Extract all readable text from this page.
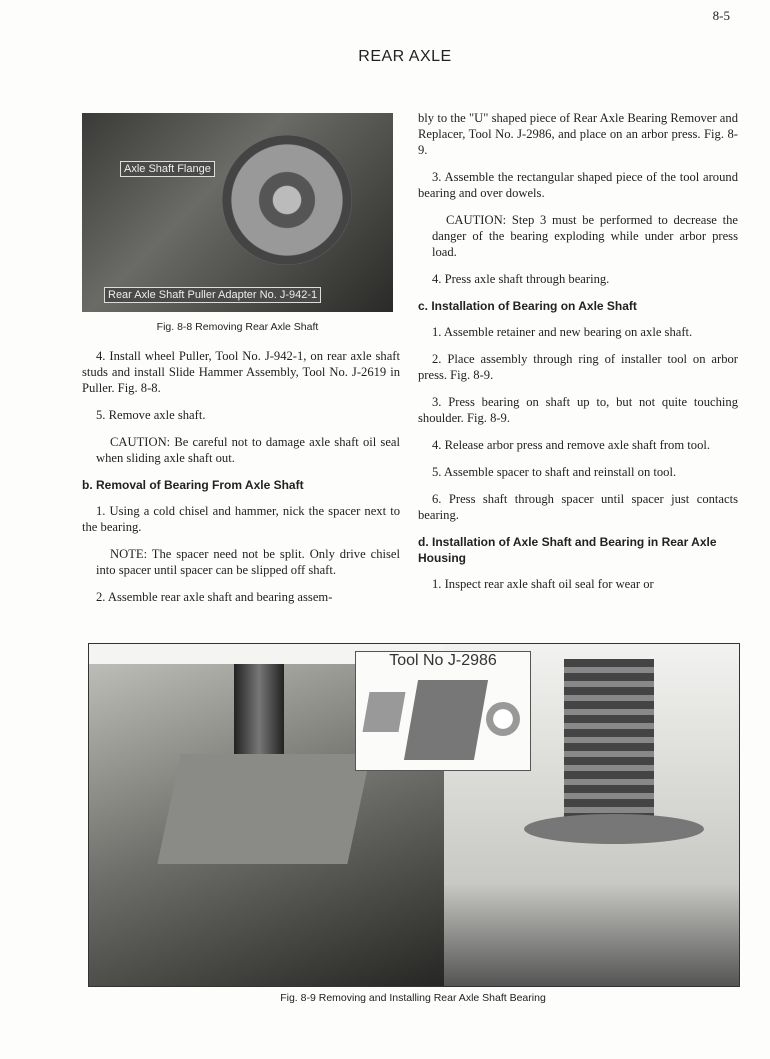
8-5
REAR AXLE
Axle Shaft Flange
Rear Axle Shaft Puller Adapter No. J-942-1
Fig. 8-8 Removing Rear Axle Shaft

4. Install wheel Puller, Tool No. J-942-1, on rear axle shaft studs and install Slide Hammer Assembly, Tool No. J-2619 in Puller. Fig. 8-8.

5. Remove axle shaft.

CAUTION: Be careful not to damage axle shaft oil seal when sliding axle shaft out.

b. Removal of Bearing From Axle Shaft

1. Using a cold chisel and hammer, nick the spacer next to the bearing.

NOTE: The spacer need not be split. Only drive chisel into spacer until spacer can be slipped off shaft.

2. Assemble rear axle shaft and bearing assem-

bly to the "U" shaped piece of Rear Axle Bearing Remover and Replacer, Tool No. J-2986, and place on an arbor press. Fig. 8-9.

3. Assemble the rectangular shaped piece of the tool around bearing and over dowels.

CAUTION: Step 3 must be performed to decrease the danger of the bearing exploding while under arbor press load.

4. Press axle shaft through bearing.

c. Installation of Bearing on Axle Shaft

1. Assemble retainer and new bearing on axle shaft.

2. Place assembly through ring of installer tool on arbor press. Fig. 8-9.

3. Press bearing on shaft up to, but not quite touching shoulder. Fig. 8-9.

4. Release arbor press and remove axle shaft from tool.

5. Assemble spacer to shaft and reinstall on tool.

6. Press shaft through spacer until spacer just contacts bearing.

d. Installation of Axle Shaft and Bearing in Rear Axle Housing

1. Inspect rear axle shaft oil seal for wear or

Tool No J-2986
Fig. 8-9 Removing and Installing Rear Axle Shaft Bearing
